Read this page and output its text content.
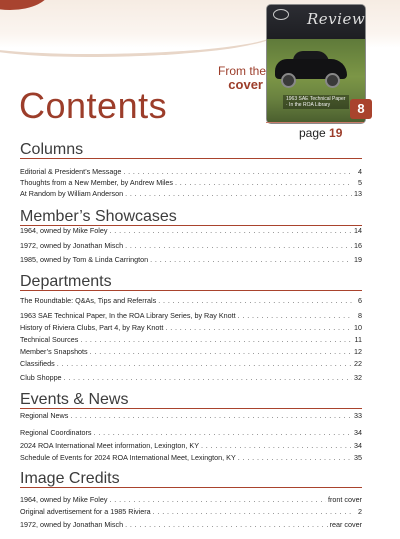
From the
cover
Review
1963 SAE Technical Paper · In the ROA Library	8
page 19
Contents
Columns
Editorial & President’s Message . . .	4
Thoughts from a New Member, by Andrew Miles . . .	5
At Random by William Anderson . . .	13
Member’s Showcases
1964, owned by Mike Foley . . .	14
1972, owned by Jonathan Misch . . .	16
1985, owned by Tom & Linda Carrington . . .	19
Departments
The Roundtable: Q&As, Tips and Referrals . . .	6
1963 SAE Technical Paper, In the ROA Library Series, by Ray Knott . . .	8
History of Riviera Clubs, Part 4, by Ray Knott . . .	10
Technical Sources . . .	11
Member’s Snapshots . . .	12
Classifieds . . .	22
Club Shoppe . . .	32
Events & News
Regional News . . .	33
Regional Coordinators . . .	34
2024 ROA International Meet information, Lexington, KY . . .	34
Schedule of Events for 2024 ROA International Meet, Lexington, KY . . .	35
Image Credits
1964, owned by Mike Foley . . .	front cover
Original advertisement for a 1985 Riviera . . .	2
1972, owned by Jonathan Misch . . .	rear cover
